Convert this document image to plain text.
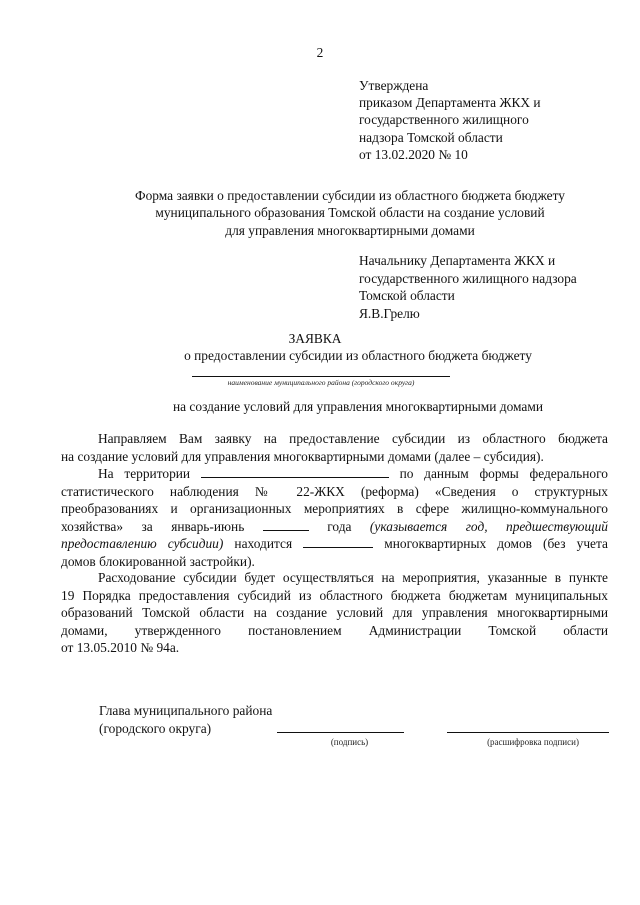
2
Утверждена
приказом Департамента ЖКХ и
государственного жилищного
надзора Томской области
от 13.02.2020 № 10
Форма заявки о предоставлении субсидии из областного бюджета бюджету
муниципального образования Томской области на создание условий
для управления многоквартирными домами
Начальнику Департамента ЖКХ и
государственного жилищного надзора
Томской области
Я.В.Грелю
ЗАЯВКА
о предоставлении субсидии из областного бюджета бюджету
наименование муниципального района (городского округа)
на создание условий для управления многоквартирными домами
Направляем Вам заявку на предоставление субсидии из областного бюджета
на создание условий для управления многоквартирными домами (далее – субсидия).
На территории	по данным формы федерального
статистического наблюдения № 22-ЖКХ (реформа) «Сведения о структурных
преобразованиях и организационных мероприятиях в сфере жилищно-коммунального
хозяйства» за январь-июнь	года (указывается год, предшествующий
предоставлению субсидии) находится	многоквартирных домов (без учета
домов блокированной застройки).
Расходование субсидии будет осуществляться на мероприятия, указанные в пункте
19 Порядка предоставления субсидий из областного бюджета бюджетам муниципальных
образований Томской области на создание условий для управления многоквартирными
домами, утвержденного постановлением Администрации Томской области
от 13.05.2010 № 94а.
Глава муниципального района
(городского округа)
(подпись)	(расшифровка подписи)
